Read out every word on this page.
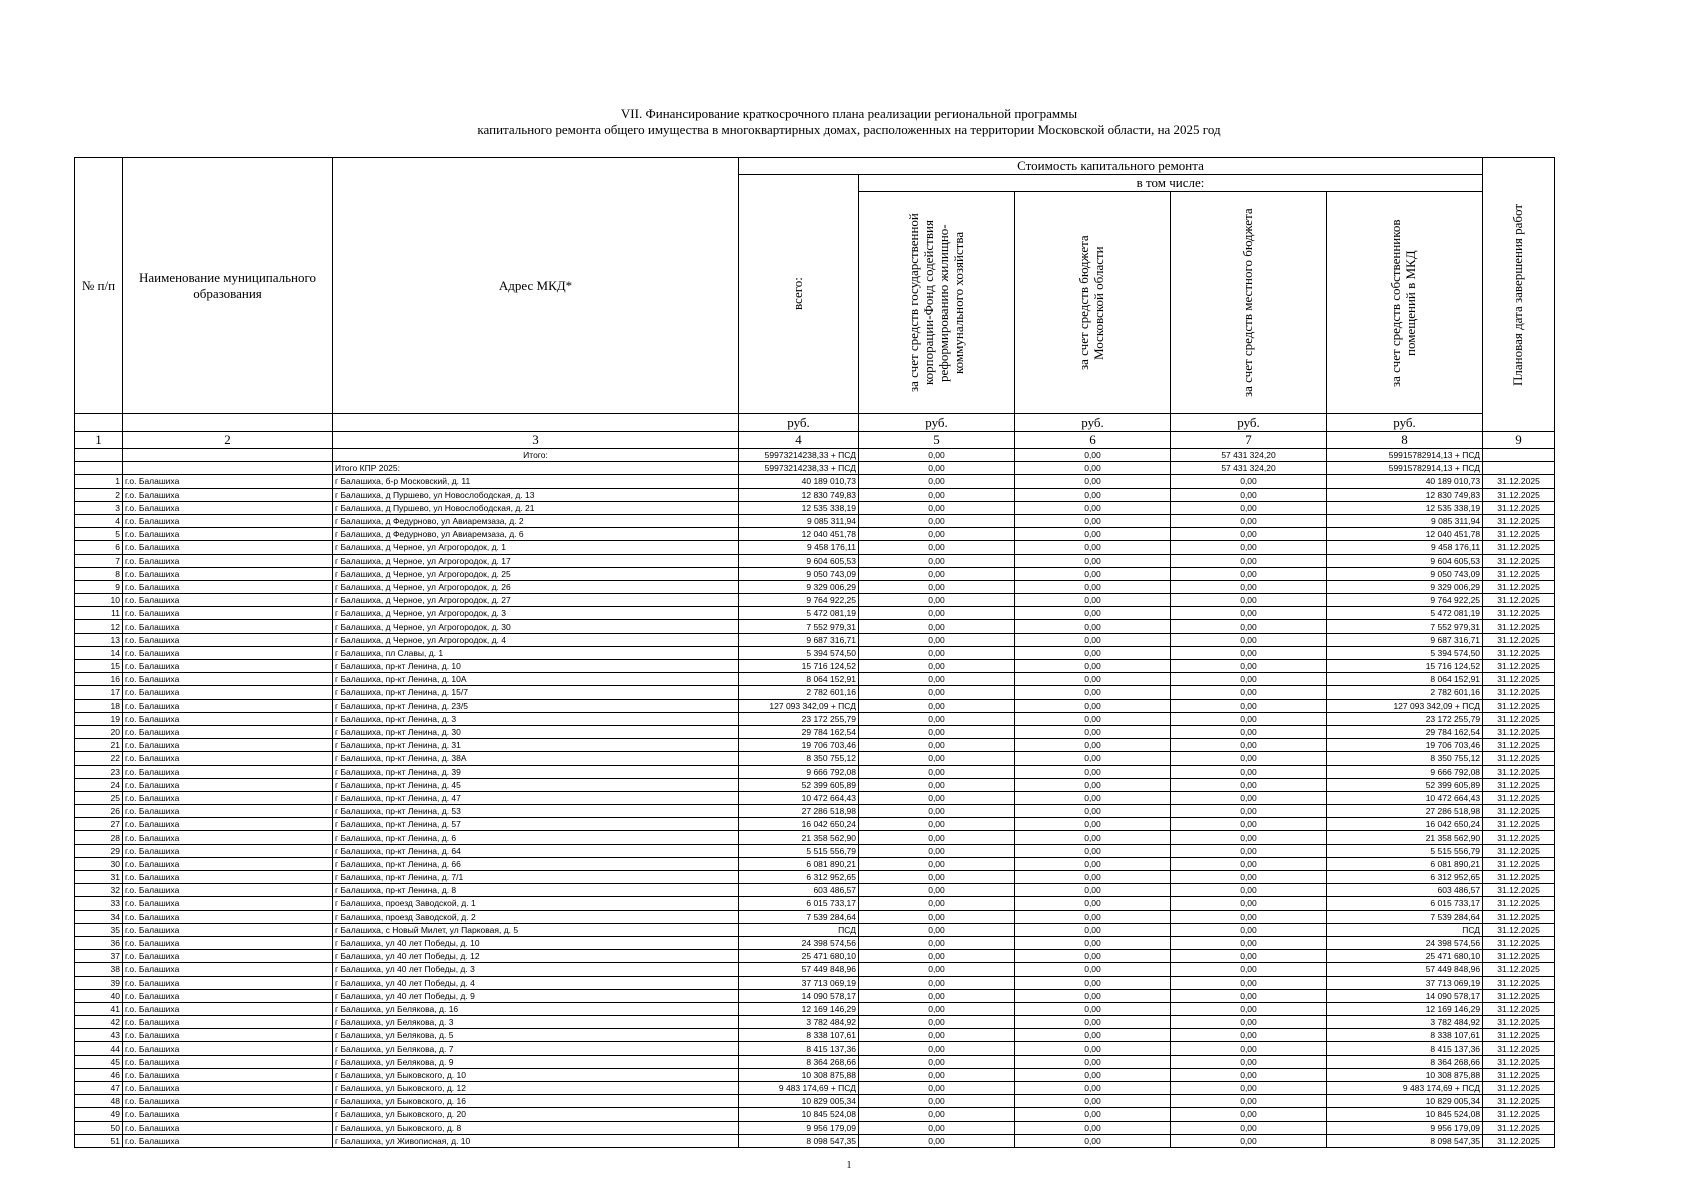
VII. Финансирование краткосрочного плана реализации региональной программы
капитального ремонта общего имущества в многоквартирных домах, расположенных на территории Московской области, на 2025 год
№ п/п	Наименование муниципального образования	Адрес МКД*	Стоимость капитального ремонта					Плановая дата завершения работ

			всего:	в том числе:				

				за счет средств государственной корпорации-Фонд содействия реформированию жилищно-коммунального хозяйства	за счет средств бюджета Московской области	за счет средств местного бюджета	за счет средств собственников помещений в МКД	

			руб.	руб.	руб.	руб.	руб.	
1	2	3	4	5	6	7	8	9
		Итого:	59973214238,33 + ПСД	0,00	0,00	57 431 324,20	59915782914,13 + ПСД	
		Итого КПР 2025:	59973214238,33 + ПСД	0,00	0,00	57 431 324,20	59915782914,13 + ПСД	
1	г.о. Балашиха	г Балашиха, б-р Московский, д. 11	40 189 010,73	0,00	0,00	0,00	40 189 010,73	31.12.2025
2	г.о. Балашиха	г Балашиха, д Пуршево, ул Новослободская, д. 13	12 830 749,83	0,00	0,00	0,00	12 830 749,83	31.12.2025
3	г.о. Балашиха	г Балашиха, д Пуршево, ул Новослободская, д. 21	12 535 338,19	0,00	0,00	0,00	12 535 338,19	31.12.2025
4	г.о. Балашиха	г Балашиха, д Федурново, ул Авиаремзаза, д. 2	9 085 311,94	0,00	0,00	0,00	9 085 311,94	31.12.2025
5	г.о. Балашиха	г Балашиха, д Федурново, ул Авиаремзаза, д. 6	12 040 451,78	0,00	0,00	0,00	12 040 451,78	31.12.2025
6	г.о. Балашиха	г Балашиха, д Черное, ул Агрогородок, д. 1	9 458 176,11	0,00	0,00	0,00	9 458 176,11	31.12.2025
7	г.о. Балашиха	г Балашиха, д Черное, ул Агрогородок, д. 17	9 604 605,53	0,00	0,00	0,00	9 604 605,53	31.12.2025
8	г.о. Балашиха	г Балашиха, д Черное, ул Агрогородок, д. 25	9 050 743,09	0,00	0,00	0,00	9 050 743,09	31.12.2025
9	г.о. Балашиха	г Балашиха, д Черное, ул Агрогородок, д. 26	9 329 006,29	0,00	0,00	0,00	9 329 006,29	31.12.2025
10	г.о. Балашиха	г Балашиха, д Черное, ул Агрогородок, д. 27	9 764 922,25	0,00	0,00	0,00	9 764 922,25	31.12.2025
11	г.о. Балашиха	г Балашиха, д Черное, ул Агрогородок, д. 3	5 472 081,19	0,00	0,00	0,00	5 472 081,19	31.12.2025
12	г.о. Балашиха	г Балашиха, д Черное, ул Агрогородок, д. 30	7 552 979,31	0,00	0,00	0,00	7 552 979,31	31.12.2025
13	г.о. Балашиха	г Балашиха, д Черное, ул Агрогородок, д. 4	9 687 316,71	0,00	0,00	0,00	9 687 316,71	31.12.2025
14	г.о. Балашиха	г Балашиха, пл Славы, д. 1	5 394 574,50	0,00	0,00	0,00	5 394 574,50	31.12.2025
15	г.о. Балашиха	г Балашиха, пр-кт Ленина, д. 10	15 716 124,52	0,00	0,00	0,00	15 716 124,52	31.12.2025
16	г.о. Балашиха	г Балашиха, пр-кт Ленина, д. 10А	8 064 152,91	0,00	0,00	0,00	8 064 152,91	31.12.2025
17	г.о. Балашиха	г Балашиха, пр-кт Ленина, д. 15/7	2 782 601,16	0,00	0,00	0,00	2 782 601,16	31.12.2025
18	г.о. Балашиха	г Балашиха, пр-кт Ленина, д. 23/5	127 093 342,09 + ПСД	0,00	0,00	0,00	127 093 342,09 + ПСД	31.12.2025
19	г.о. Балашиха	г Балашиха, пр-кт Ленина, д. 3	23 172 255,79	0,00	0,00	0,00	23 172 255,79	31.12.2025
20	г.о. Балашиха	г Балашиха, пр-кт Ленина, д. 30	29 784 162,54	0,00	0,00	0,00	29 784 162,54	31.12.2025
21	г.о. Балашиха	г Балашиха, пр-кт Ленина, д. 31	19 706 703,46	0,00	0,00	0,00	19 706 703,46	31.12.2025
22	г.о. Балашиха	г Балашиха, пр-кт Ленина, д. 38А	8 350 755,12	0,00	0,00	0,00	8 350 755,12	31.12.2025
23	г.о. Балашиха	г Балашиха, пр-кт Ленина, д. 39	9 666 792,08	0,00	0,00	0,00	9 666 792,08	31.12.2025
24	г.о. Балашиха	г Балашиха, пр-кт Ленина, д. 45	52 399 605,89	0,00	0,00	0,00	52 399 605,89	31.12.2025
25	г.о. Балашиха	г Балашиха, пр-кт Ленина, д. 47	10 472 664,43	0,00	0,00	0,00	10 472 664,43	31.12.2025
26	г.о. Балашиха	г Балашиха, пр-кт Ленина, д. 53	27 286 518,98	0,00	0,00	0,00	27 286 518,98	31.12.2025
27	г.о. Балашиха	г Балашиха, пр-кт Ленина, д. 57	16 042 650,24	0,00	0,00	0,00	16 042 650,24	31.12.2025
28	г.о. Балашиха	г Балашиха, пр-кт Ленина, д. 6	21 358 562,90	0,00	0,00	0,00	21 358 562,90	31.12.2025
29	г.о. Балашиха	г Балашиха, пр-кт Ленина, д. 64	5 515 556,79	0,00	0,00	0,00	5 515 556,79	31.12.2025
30	г.о. Балашиха	г Балашиха, пр-кт Ленина, д. 66	6 081 890,21	0,00	0,00	0,00	6 081 890,21	31.12.2025
31	г.о. Балашиха	г Балашиха, пр-кт Ленина, д. 7/1	6 312 952,65	0,00	0,00	0,00	6 312 952,65	31.12.2025
32	г.о. Балашиха	г Балашиха, пр-кт Ленина, д. 8	603 486,57	0,00	0,00	0,00	603 486,57	31.12.2025
33	г.о. Балашиха	г Балашиха, проезд Заводской, д. 1	6 015 733,17	0,00	0,00	0,00	6 015 733,17	31.12.2025
34	г.о. Балашиха	г Балашиха, проезд Заводской, д. 2	7 539 284,64	0,00	0,00	0,00	7 539 284,64	31.12.2025
35	г.о. Балашиха	г Балашиха, с Новый Милет, ул Парковая, д. 5	ПСД	0,00	0,00	0,00	ПСД	31.12.2025
36	г.о. Балашиха	г Балашиха, ул 40 лет Победы, д. 10	24 398 574,56	0,00	0,00	0,00	24 398 574,56	31.12.2025
37	г.о. Балашиха	г Балашиха, ул 40 лет Победы, д. 12	25 471 680,10	0,00	0,00	0,00	25 471 680,10	31.12.2025
38	г.о. Балашиха	г Балашиха, ул 40 лет Победы, д. 3	57 449 848,96	0,00	0,00	0,00	57 449 848,96	31.12.2025
39	г.о. Балашиха	г Балашиха, ул 40 лет Победы, д. 4	37 713 069,19	0,00	0,00	0,00	37 713 069,19	31.12.2025
40	г.о. Балашиха	г Балашиха, ул 40 лет Победы, д. 9	14 090 578,17	0,00	0,00	0,00	14 090 578,17	31.12.2025
41	г.о. Балашиха	г Балашиха, ул Белякова, д. 16	12 169 146,29	0,00	0,00	0,00	12 169 146,29	31.12.2025
42	г.о. Балашиха	г Балашиха, ул Белякова, д. 3	3 782 484,92	0,00	0,00	0,00	3 782 484,92	31.12.2025
43	г.о. Балашиха	г Балашиха, ул Белякова, д. 5	8 338 107,61	0,00	0,00	0,00	8 338 107,61	31.12.2025
44	г.о. Балашиха	г Балашиха, ул Белякова, д. 7	8 415 137,36	0,00	0,00	0,00	8 415 137,36	31.12.2025
45	г.о. Балашиха	г Балашиха, ул Белякова, д. 9	8 364 268,66	0,00	0,00	0,00	8 364 268,66	31.12.2025
46	г.о. Балашиха	г Балашиха, ул Быковского, д. 10	10 308 875,88	0,00	0,00	0,00	10 308 875,88	31.12.2025
47	г.о. Балашиха	г Балашиха, ул Быковского, д. 12	9 483 174,69 + ПСД	0,00	0,00	0,00	9 483 174,69 + ПСД	31.12.2025
48	г.о. Балашиха	г Балашиха, ул Быковского, д. 16	10 829 005,34	0,00	0,00	0,00	10 829 005,34	31.12.2025
49	г.о. Балашиха	г Балашиха, ул Быковского, д. 20	10 845 524,08	0,00	0,00	0,00	10 845 524,08	31.12.2025
50	г.о. Балашиха	г Балашиха, ул Быковского, д. 8	9 956 179,09	0,00	0,00	0,00	9 956 179,09	31.12.2025
51	г.о. Балашиха	г Балашиха, ул Живописная, д. 10	8 098 547,35	0,00	0,00	0,00	8 098 547,35	31.12.2025
1
